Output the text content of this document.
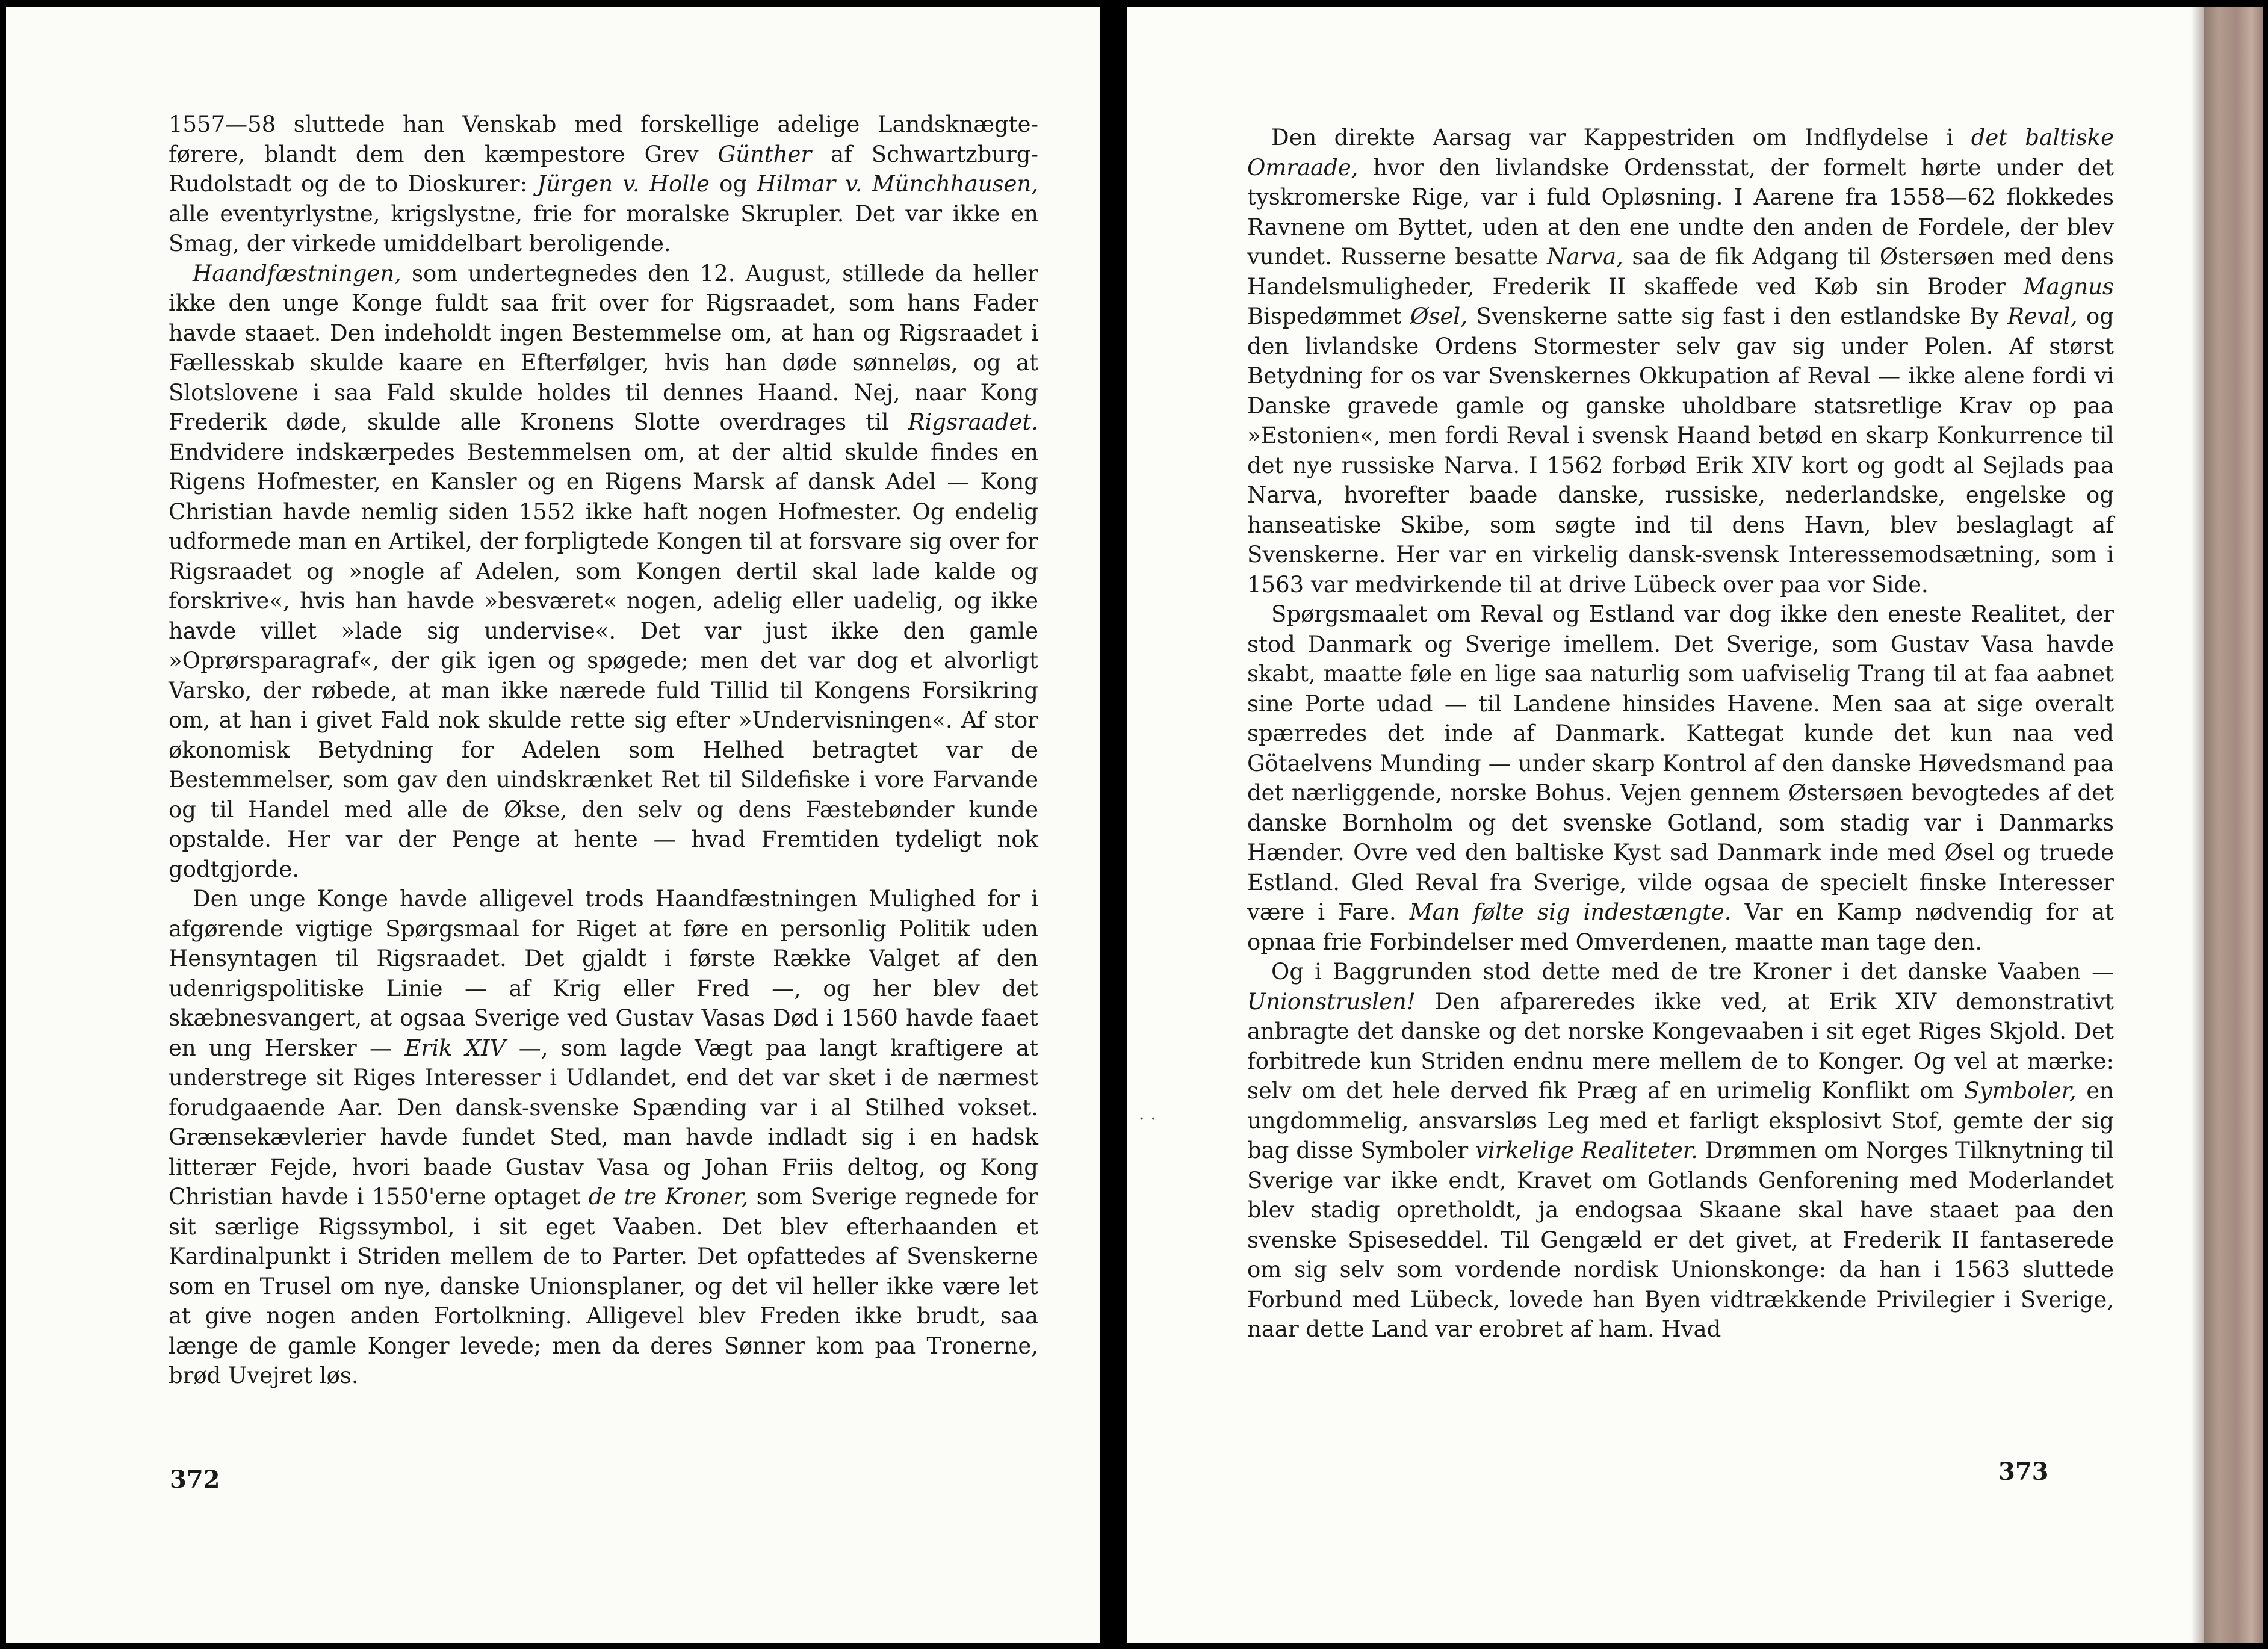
1557—58 sluttede han Venskab med forskellige adelige Landsknægte-førere, blandt dem den kæmpestore Grev Günther af Schwartzburg-Rudolstadt og de to Dioskurer: Jürgen v. Holle og Hilmar v. Münchhausen, alle eventyrlystne, krigslystne, frie for moralske Skrupler. Det var ikke en Smag, der virkede umiddelbart beroligende.

Haandfæstningen, som undertegnedes den 12. August, stillede da heller ikke den unge Konge fuldt saa frit over for Rigsraadet, som hans Fader havde staaet. Den indeholdt ingen Bestemmelse om, at han og Rigsraadet i Fællesskab skulde kaare en Efterfølger, hvis han døde sønneløs, og at Slotslovene i saa Fald skulde holdes til dennes Haand. Nej, naar Kong Frederik døde, skulde alle Kronens Slotte overdrages til Rigsraadet. Endvidere indskærpedes Bestemmelsen om, at der altid skulde findes en Rigens Hofmester, en Kansler og en Rigens Marsk af dansk Adel — Kong Christian havde nemlig siden 1552 ikke haft nogen Hofmester. Og endelig udformede man en Artikel, der forpligtede Kongen til at forsvare sig over for Rigsraadet og »nogle af Adelen, som Kongen dertil skal lade kalde og forskrive«, hvis han havde »besværet« nogen, adelig eller uadelig, og ikke havde villet »lade sig undervise«. Det var just ikke den gamle »Oprørsparagraf«, der gik igen og spøgede; men det var dog et alvorligt Varsko, der røbede, at man ikke nærede fuld Tillid til Kongens Forsikring om, at han i givet Fald nok skulde rette sig efter »Undervisningen«. Af stor økonomisk Betydning for Adelen som Helhed betragtet var de Bestemmelser, som gav den uindskrænket Ret til Sildefiske i vore Farvande og til Handel med alle de Økse, den selv og dens Fæstebønder kunde opstalde. Her var der Penge at hente — hvad Fremtiden tydeligt nok godtgjorde.

Den unge Konge havde alligevel trods Haandfæstningen Mulighed for i afgørende vigtige Spørgsmaal for Riget at føre en personlig Politik uden Hensyntagen til Rigsraadet. Det gjaldt i første Række Valget af den udenrigspolitiske Linie — af Krig eller Fred —, og her blev det skæbnesvangert, at ogsaa Sverige ved Gustav Vasas Død i 1560 havde faaet en ung Hersker — Erik XIV —, som lagde Vægt paa langt kraftigere at understrege sit Riges Interesser i Udlandet, end det var sket i de nærmest forudgaaende Aar. Den dansk-svenske Spænding var i al Stilhed vokset. Grænsekævlerier havde fundet Sted, man havde indladt sig i en hadsk litterær Fejde, hvori baade Gustav Vasa og Johan Friis deltog, og Kong Christian havde i 1550'erne optaget de tre Kroner, som Sverige regnede for sit særlige Rigssymbol, i sit eget Vaaben. Det blev efterhaanden et Kardinalpunkt i Striden mellem de to Parter. Det opfattedes af Svenskerne som en Trusel om nye, danske Unionsplaner, og det vil heller ikke være let at give nogen anden Fortolkning. Alligevel blev Freden ikke brudt, saa længe de gamle Konger levede; men da deres Sønner kom paa Tronerne, brød Uvejret løs.

372
· ·

Den direkte Aarsag var Kappestriden om Indflydelse i det baltiske Omraade, hvor den livlandske Ordensstat, der formelt hørte under det tyskromerske Rige, var i fuld Opløsning. I Aarene fra 1558—62 flokkedes Ravnene om Byttet, uden at den ene undte den anden de Fordele, der blev vundet. Russerne besatte Narva, saa de fik Adgang til Østersøen med dens Handelsmuligheder, Frederik II skaffede ved Køb sin Broder Magnus Bispedømmet Øsel, Svenskerne satte sig fast i den estlandske By Reval, og den livlandske Ordens Stormester selv gav sig under Polen. Af størst Betydning for os var Svenskernes Okkupation af Reval — ikke alene fordi vi Danske gravede gamle og ganske uholdbare statsretlige Krav op paa »Estonien«, men fordi Reval i svensk Haand betød en skarp Konkurrence til det nye russiske Narva. I 1562 forbød Erik XIV kort og godt al Sejlads paa Narva, hvorefter baade danske, russiske, nederlandske, engelske og hanseatiske Skibe, som søgte ind til dens Havn, blev beslaglagt af Svenskerne. Her var en virkelig dansk-svensk Interessemodsætning, som i 1563 var medvirkende til at drive Lübeck over paa vor Side.

Spørgsmaalet om Reval og Estland var dog ikke den eneste Realitet, der stod Danmark og Sverige imellem. Det Sverige, som Gustav Vasa havde skabt, maatte føle en lige saa naturlig som uafviselig Trang til at faa aabnet sine Porte udad — til Landene hinsides Havene. Men saa at sige overalt spærredes det inde af Danmark. Kattegat kunde det kun naa ved Götaelvens Munding — under skarp Kontrol af den danske Høvedsmand paa det nærliggende, norske Bohus. Vejen gennem Østersøen bevogtedes af det danske Bornholm og det svenske Gotland, som stadig var i Danmarks Hænder. Ovre ved den baltiske Kyst sad Danmark inde med Øsel og truede Estland. Gled Reval fra Sverige, vilde ogsaa de specielt finske Interesser være i Fare. Man følte sig indestængte. Var en Kamp nødvendig for at opnaa frie Forbindelser med Omverdenen, maatte man tage den.

Og i Baggrunden stod dette med de tre Kroner i det danske Vaaben — Unionstruslen! Den afpareredes ikke ved, at Erik XIV demonstrativt anbragte det danske og det norske Kongevaaben i sit eget Riges Skjold. Det forbitrede kun Striden endnu mere mellem de to Konger. Og vel at mærke: selv om det hele derved fik Præg af en urimelig Konflikt om Symboler, en ungdommelig, ansvarsløs Leg med et farligt eksplosivt Stof, gemte der sig bag disse Symboler virkelige Realiteter. Drømmen om Norges Tilknytning til Sverige var ikke endt, Kravet om Gotlands Genforening med Moderlandet blev stadig opretholdt, ja endogsaa Skaane skal have staaet paa den svenske Spiseseddel. Til Gengæld er det givet, at Frederik II fantaserede om sig selv som vordende nordisk Unionskonge: da han i 1563 sluttede Forbund med Lübeck, lovede han Byen vidtrækkende Privilegier i Sverige, naar dette Land var erobret af ham. Hvad

373
